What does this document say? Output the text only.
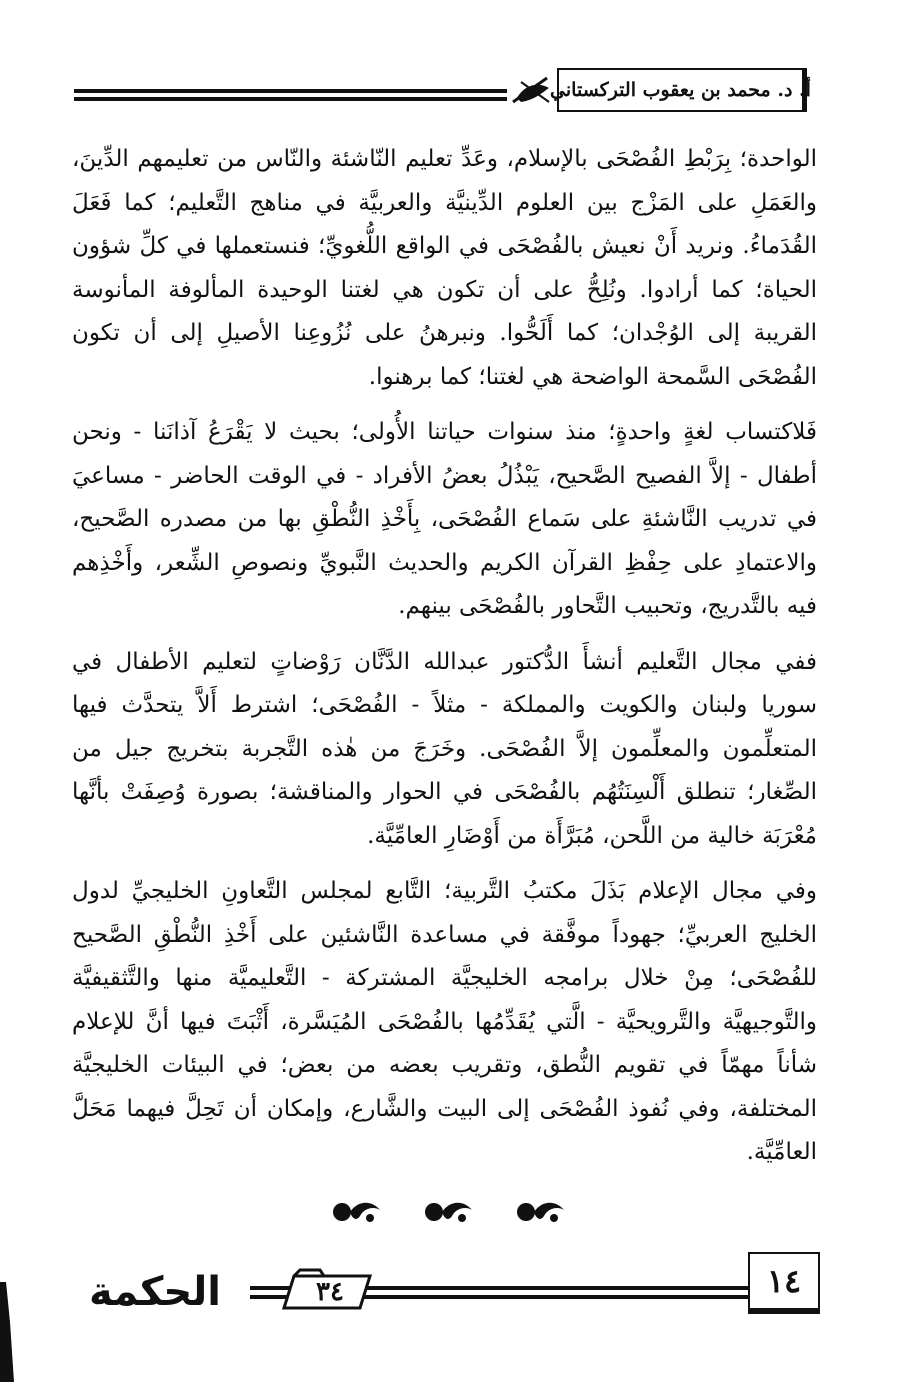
أ. د. محمد بن يعقوب التركستاني

الواحدة؛ بِرَبْطِ الفُصْحَى بالإسلام، وعَدِّ تعليم النّاشئة والنّاس من تعليمهم الدِّينَ، والعَمَلِ على المَزْج بين العلوم الدِّينيَّة والعربيَّة في مناهج التَّعليم؛ كما فَعَلَ القُدَماءُ. ونريد أَنْ نعيش بالفُصْحَى في الواقع اللُّغويِّ؛ فنستعملها في كلِّ شؤون الحياة؛ كما أرادوا. ونُلِحُّ على أن تكون هي لغتنا الوحيدة المألوفة المأنوسة القريبة إلى الوُجْدان؛ كما أَلَحُّوا. ونبرهنُ على نُزُوعِنا الأصيلِ إلى أن تكون الفُصْحَى السَّمحة الواضحة هي لغتنا؛ كما برهنوا.

فَلاكتساب لغةٍ واحدةٍ؛ منذ سنوات حياتنا الأُولى؛ بحيث لا يَقْرَعُ آذانَنا - ونحن أطفال - إلاَّ الفصيح الصَّحيح، يَبْذُلُ بعضُ الأفراد - في الوقت الحاضر - مساعيَ في تدريب النَّاشئةِ على سَماع الفُصْحَى، بِأَخْذِ النُّطْقِ بها من مصدره الصَّحيح، والاعتمادِ على حِفْظِ القرآن الكريم والحديث النَّبويِّ ونصوصِ الشِّعر، وأَخْذِهم فيه بالتَّدريج، وتحبيب التَّحاور بالفُصْحَى بينهم.

ففي مجال التَّعليم أنشأَ الدُّكتور عبدالله الدَّنَّان رَوْضاتٍ لتعليم الأطفال في سوريا ولبنان والكويت والمملكة - مثلاً - الفُصْحَى؛ اشترط أَلاَّ يتحدَّث فيها المتعلِّمون والمعلِّمون إلاَّ الفُصْحَى. وخَرَجَ من هٰذه التَّجربة بتخريج جيل من الصِّغار؛ تنطلق أَلْسِنَتُهُم بالفُصْحَى في الحوار والمناقشة؛ بصورة وُصِفَتْ بأنَّها مُعْرَبَة خالية من اللَّحن، مُبَرَّأَة من أَوْضَارِ العامِّيَّة.

وفي مجال الإعلام بَذَلَ مكتبُ التَّربية؛ التَّابع لمجلس التَّعاونِ الخليجيِّ لدول الخليج العربيِّ؛ جهوداً موفَّقة في مساعدة النَّاشئين على أَخْذِ النُّطْقِ الصَّحيح للفُصْحَى؛ مِنْ خلال برامجه الخليجيَّة المشتركة - التَّعليميَّة منها والتَّثقيفيَّة والتَّوجيهيَّة والتَّرويحيَّة - الَّتي يُقَدِّمُها بالفُصْحَى المُيَسَّرة، أَثْبَتَ فيها أنَّ للإعلام شأناً مهمّاً في تقويم النُّطق، وتقريب بعضه من بعض؛ في البيئات الخليجيَّة المختلفة، وفي نُفوذ الفُصْحَى إلى البيت والشَّارع، وإمكان أن تَحِلَّ فيهما مَحَلَّ العامِّيَّة.

١٤
٣٤
الحكمة
